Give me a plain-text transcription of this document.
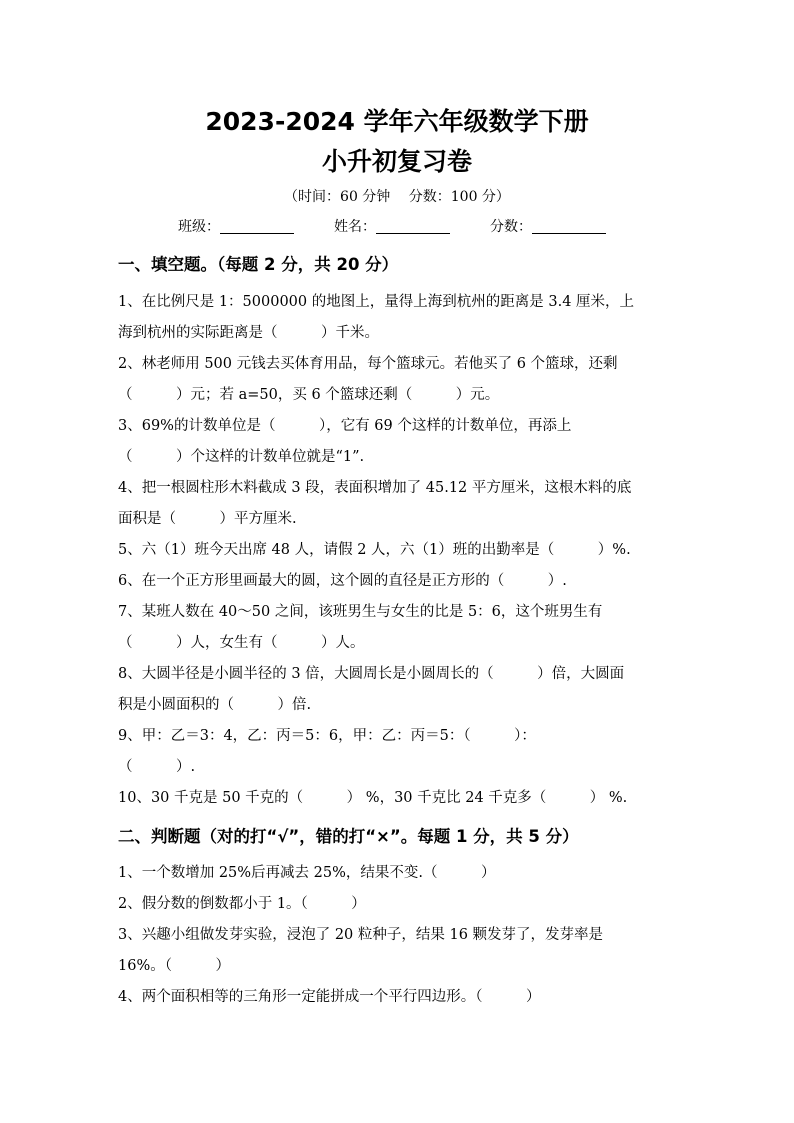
2023-2024 学年六年级数学下册
小升初复习卷
（时间：60 分钟　 分数：100 分）
班级：	姓名：	分数：
一、填空题。（每题 2 分，共 20 分）
1、在比例尺是 1：5000000 的地图上，量得上海到杭州的距离是 3.4 厘米，上
海到杭州的实际距离是（　　　）千米。
2、林老师用 500 元钱去买体育用品，每个篮球元。若他买了 6 个篮球，还剩
（　　　）元；若 a=50，买 6 个篮球还剩（　　　）元。
3、69%的计数单位是（　　　），它有 69 个这样的计数单位，再添上
（　　　）个这样的计数单位就是“1”.
4、把一根圆柱形木料截成 3 段，表面积增加了 45.12 平方厘米，这根木料的底
面积是（　　　）平方厘米.
5、六（1）班今天出席 48 人，请假 2 人，六（1）班的出勤率是（　　　）%.
6、在一个正方形里画最大的圆，这个圆的直径是正方形的（　　　）.
7、某班人数在 40～50 之间，该班男生与女生的比是 5：6，这个班男生有
（　　　）人，女生有（　　　）人。
8、大圆半径是小圆半径的 3 倍，大圆周长是小圆周长的（　　　）倍，大圆面
积是小圆面积的（　　　）倍.
9、甲：乙＝3：4，乙：丙＝5：6，甲：乙：丙＝5：（　　　）：
（　　　）.
10、30 千克是 50 千克的（　　　） %，30 千克比 24 千克多（　　　） %.
二、判断题（对的打“√”，错的打“×”。每题 1 分，共 5 分）
1、一个数增加 25%后再减去 25%，结果不变.（　　　）
2、假分数的倒数都小于 1。（　　　）
3、兴趣小组做发芽实验，浸泡了 20 粒种子，结果 16 颗发芽了，发芽率是
16%。（　　　）
4、两个面积相等的三角形一定能拼成一个平行四边形。（　　　）
